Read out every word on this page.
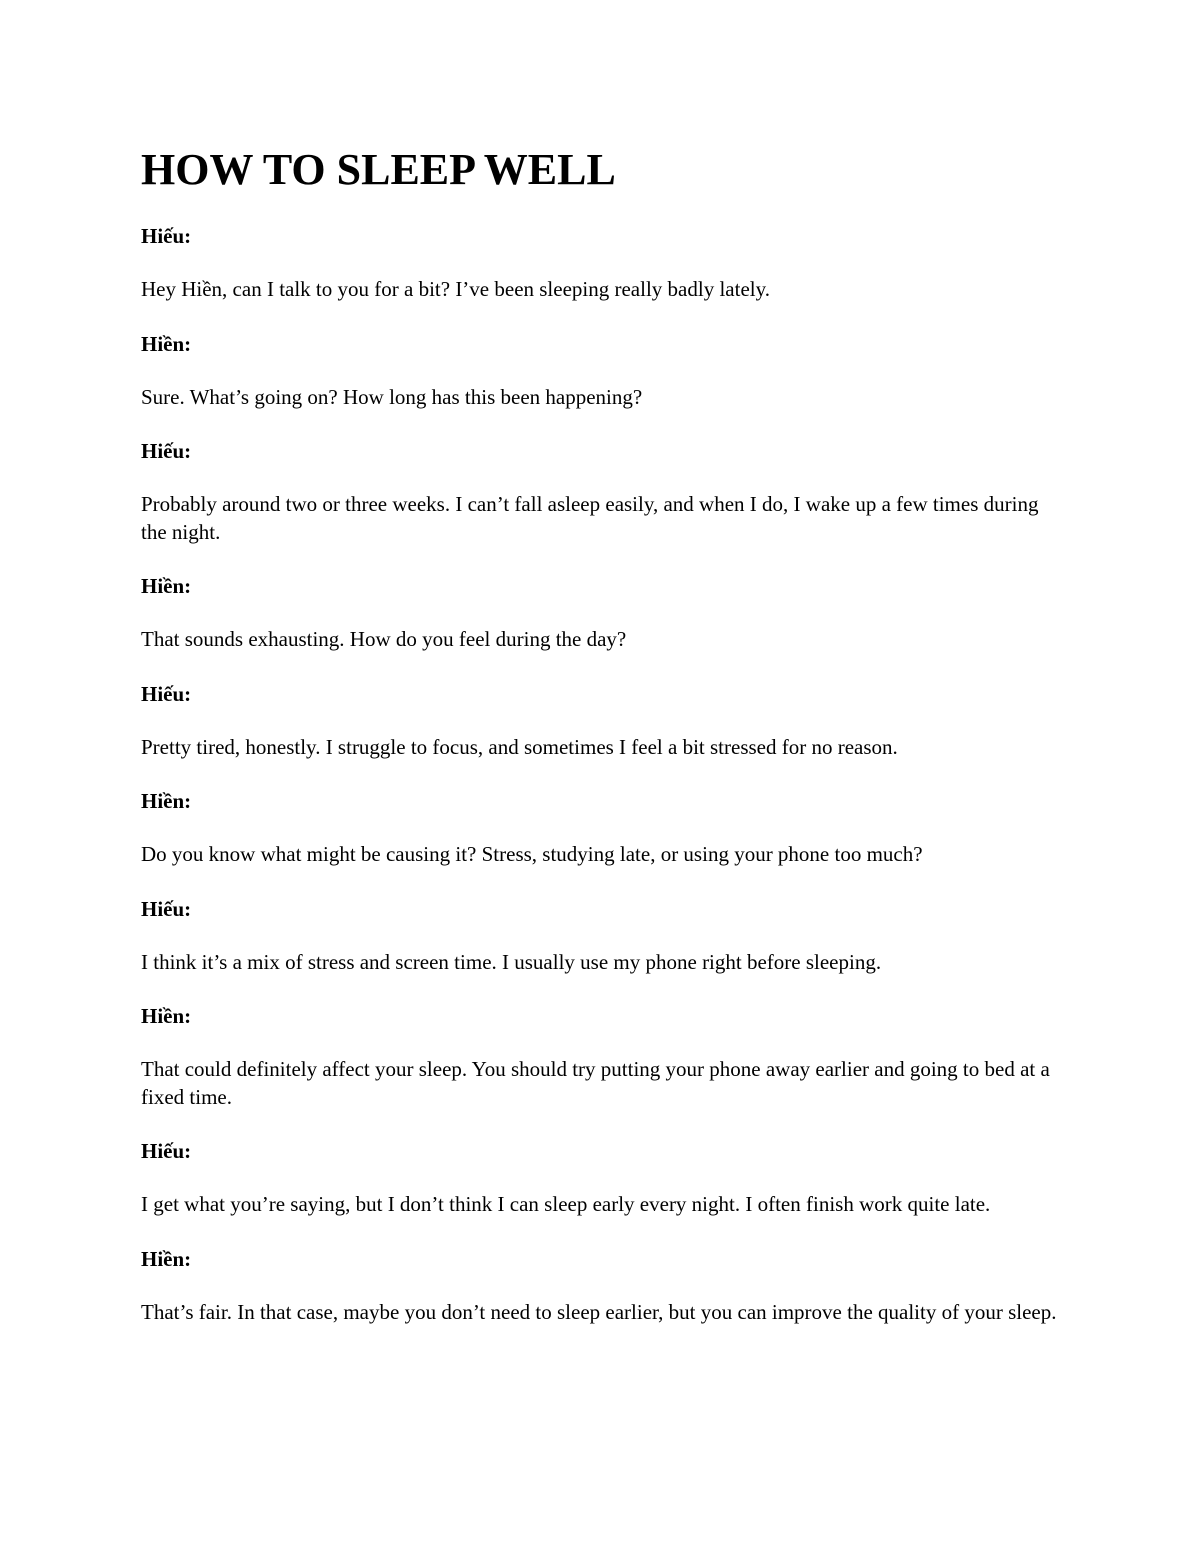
HOW TO SLEEP WELL

Hiếu:

Hey Hiền, can I talk to you for a bit? I’ve been sleeping really badly lately.

Hiền:

Sure. What’s going on? How long has this been happening?

Hiếu:

Probably around two or three weeks. I can’t fall asleep easily, and when I do, I wake up a few times during the night.

Hiền:

That sounds exhausting. How do you feel during the day?

Hiếu:

Pretty tired, honestly. I struggle to focus, and sometimes I feel a bit stressed for no reason.

Hiền:

Do you know what might be causing it? Stress, studying late, or using your phone too much?

Hiếu:

I think it’s a mix of stress and screen time. I usually use my phone right before sleeping.

Hiền:

That could definitely affect your sleep. You should try putting your phone away earlier and going to bed at a fixed time.

Hiếu:

I get what you’re saying, but I don’t think I can sleep early every night. I often finish work quite late.

Hiền:

That’s fair. In that case, maybe you don’t need to sleep earlier, but you can improve the quality of your sleep.
